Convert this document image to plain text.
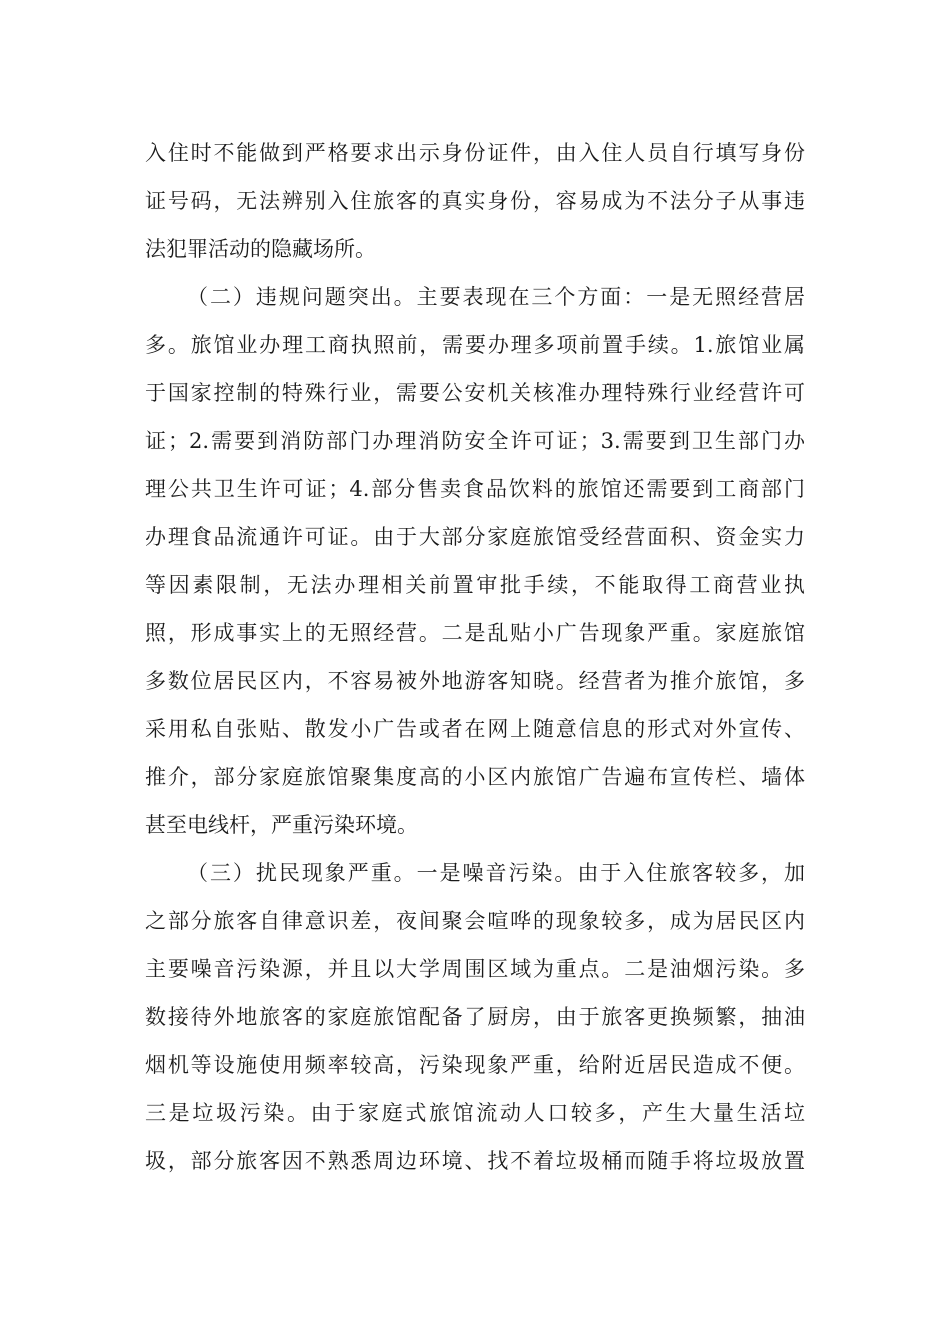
入住时不能做到严格要求出示身份证件，由入住人员自行填写身份
证号码，无法辨别入住旅客的真实身份，容易成为不法分子从事违
法犯罪活动的隐藏场所。
（二）违规问题突出。主要表现在三个方面：一是无照经营居
多。旅馆业办理工商执照前，需要办理多项前置手续。1.旅馆业属
于国家控制的特殊行业，需要公安机关核准办理特殊行业经营许可
证；2.需要到消防部门办理消防安全许可证；3.需要到卫生部门办
理公共卫生许可证；4.部分售卖食品饮料的旅馆还需要到工商部门
办理食品流通许可证。由于大部分家庭旅馆受经营面积、资金实力
等因素限制，无法办理相关前置审批手续，不能取得工商营业执
照，形成事实上的无照经营。二是乱贴小广告现象严重。家庭旅馆
多数位居民区内，不容易被外地游客知晓。经营者为推介旅馆，多
采用私自张贴、散发小广告或者在网上随意信息的形式对外宣传、
推介，部分家庭旅馆聚集度高的小区内旅馆广告遍布宣传栏、墙体
甚至电线杆，严重污染环境。
（三）扰民现象严重。一是噪音污染。由于入住旅客较多，加
之部分旅客自律意识差，夜间聚会喧哗的现象较多，成为居民区内
主要噪音污染源，并且以大学周围区域为重点。二是油烟污染。多
数接待外地旅客的家庭旅馆配备了厨房，由于旅客更换频繁，抽油
烟机等设施使用频率较高，污染现象严重，给附近居民造成不便。
三是垃圾污染。由于家庭式旅馆流动人口较多，产生大量生活垃
圾，部分旅客因不熟悉周边环境、找不着垃圾桶而随手将垃圾放置
